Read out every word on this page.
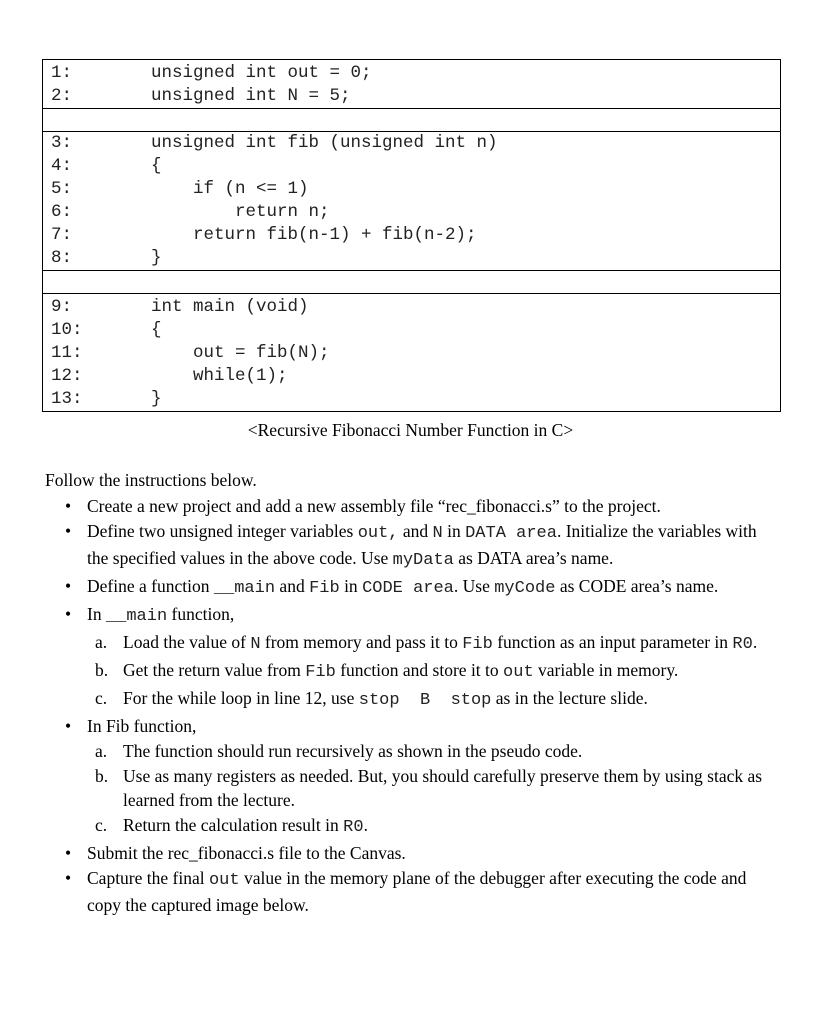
1:	unsigned int out = 0;
2:	unsigned int N = 5;
3:	unsigned int fib (unsigned int n)
4:	{
5:	if (n <= 1)
6:	return n;
7:	return fib(n-1) + fib(n-2);
8:	}
9:	int main (void)
10:	{
11:	out = fib(N);
12:	while(1);
13:	}
<Recursive Fibonacci Number Function in C>
Follow the instructions below.
• Create a new project and add a new assembly file “rec_fibonacci.s” to the project.
• Define two unsigned integer variables out, and N in DATA area. Initialize the variables with the specified values in the above code. Use myData as DATA area’s name.
• Define a function __main and Fib in CODE area. Use myCode as CODE area’s name.
• In __main function,
a. Load the value of N from memory and pass it to Fib function as an input parameter in R0.
b. Get the return value from Fib function and store it to out variable in memory.
c. For the while loop in line 12, use stop  B  stop as in the lecture slide.
• In Fib function,
a. The function should run recursively as shown in the pseudo code.
b. Use as many registers as needed. But, you should carefully preserve them by using stack as learned from the lecture.
c. Return the calculation result in R0.
• Submit the rec_fibonacci.s file to the Canvas.
• Capture the final out value in the memory plane of the debugger after executing the code and copy the captured image below.
